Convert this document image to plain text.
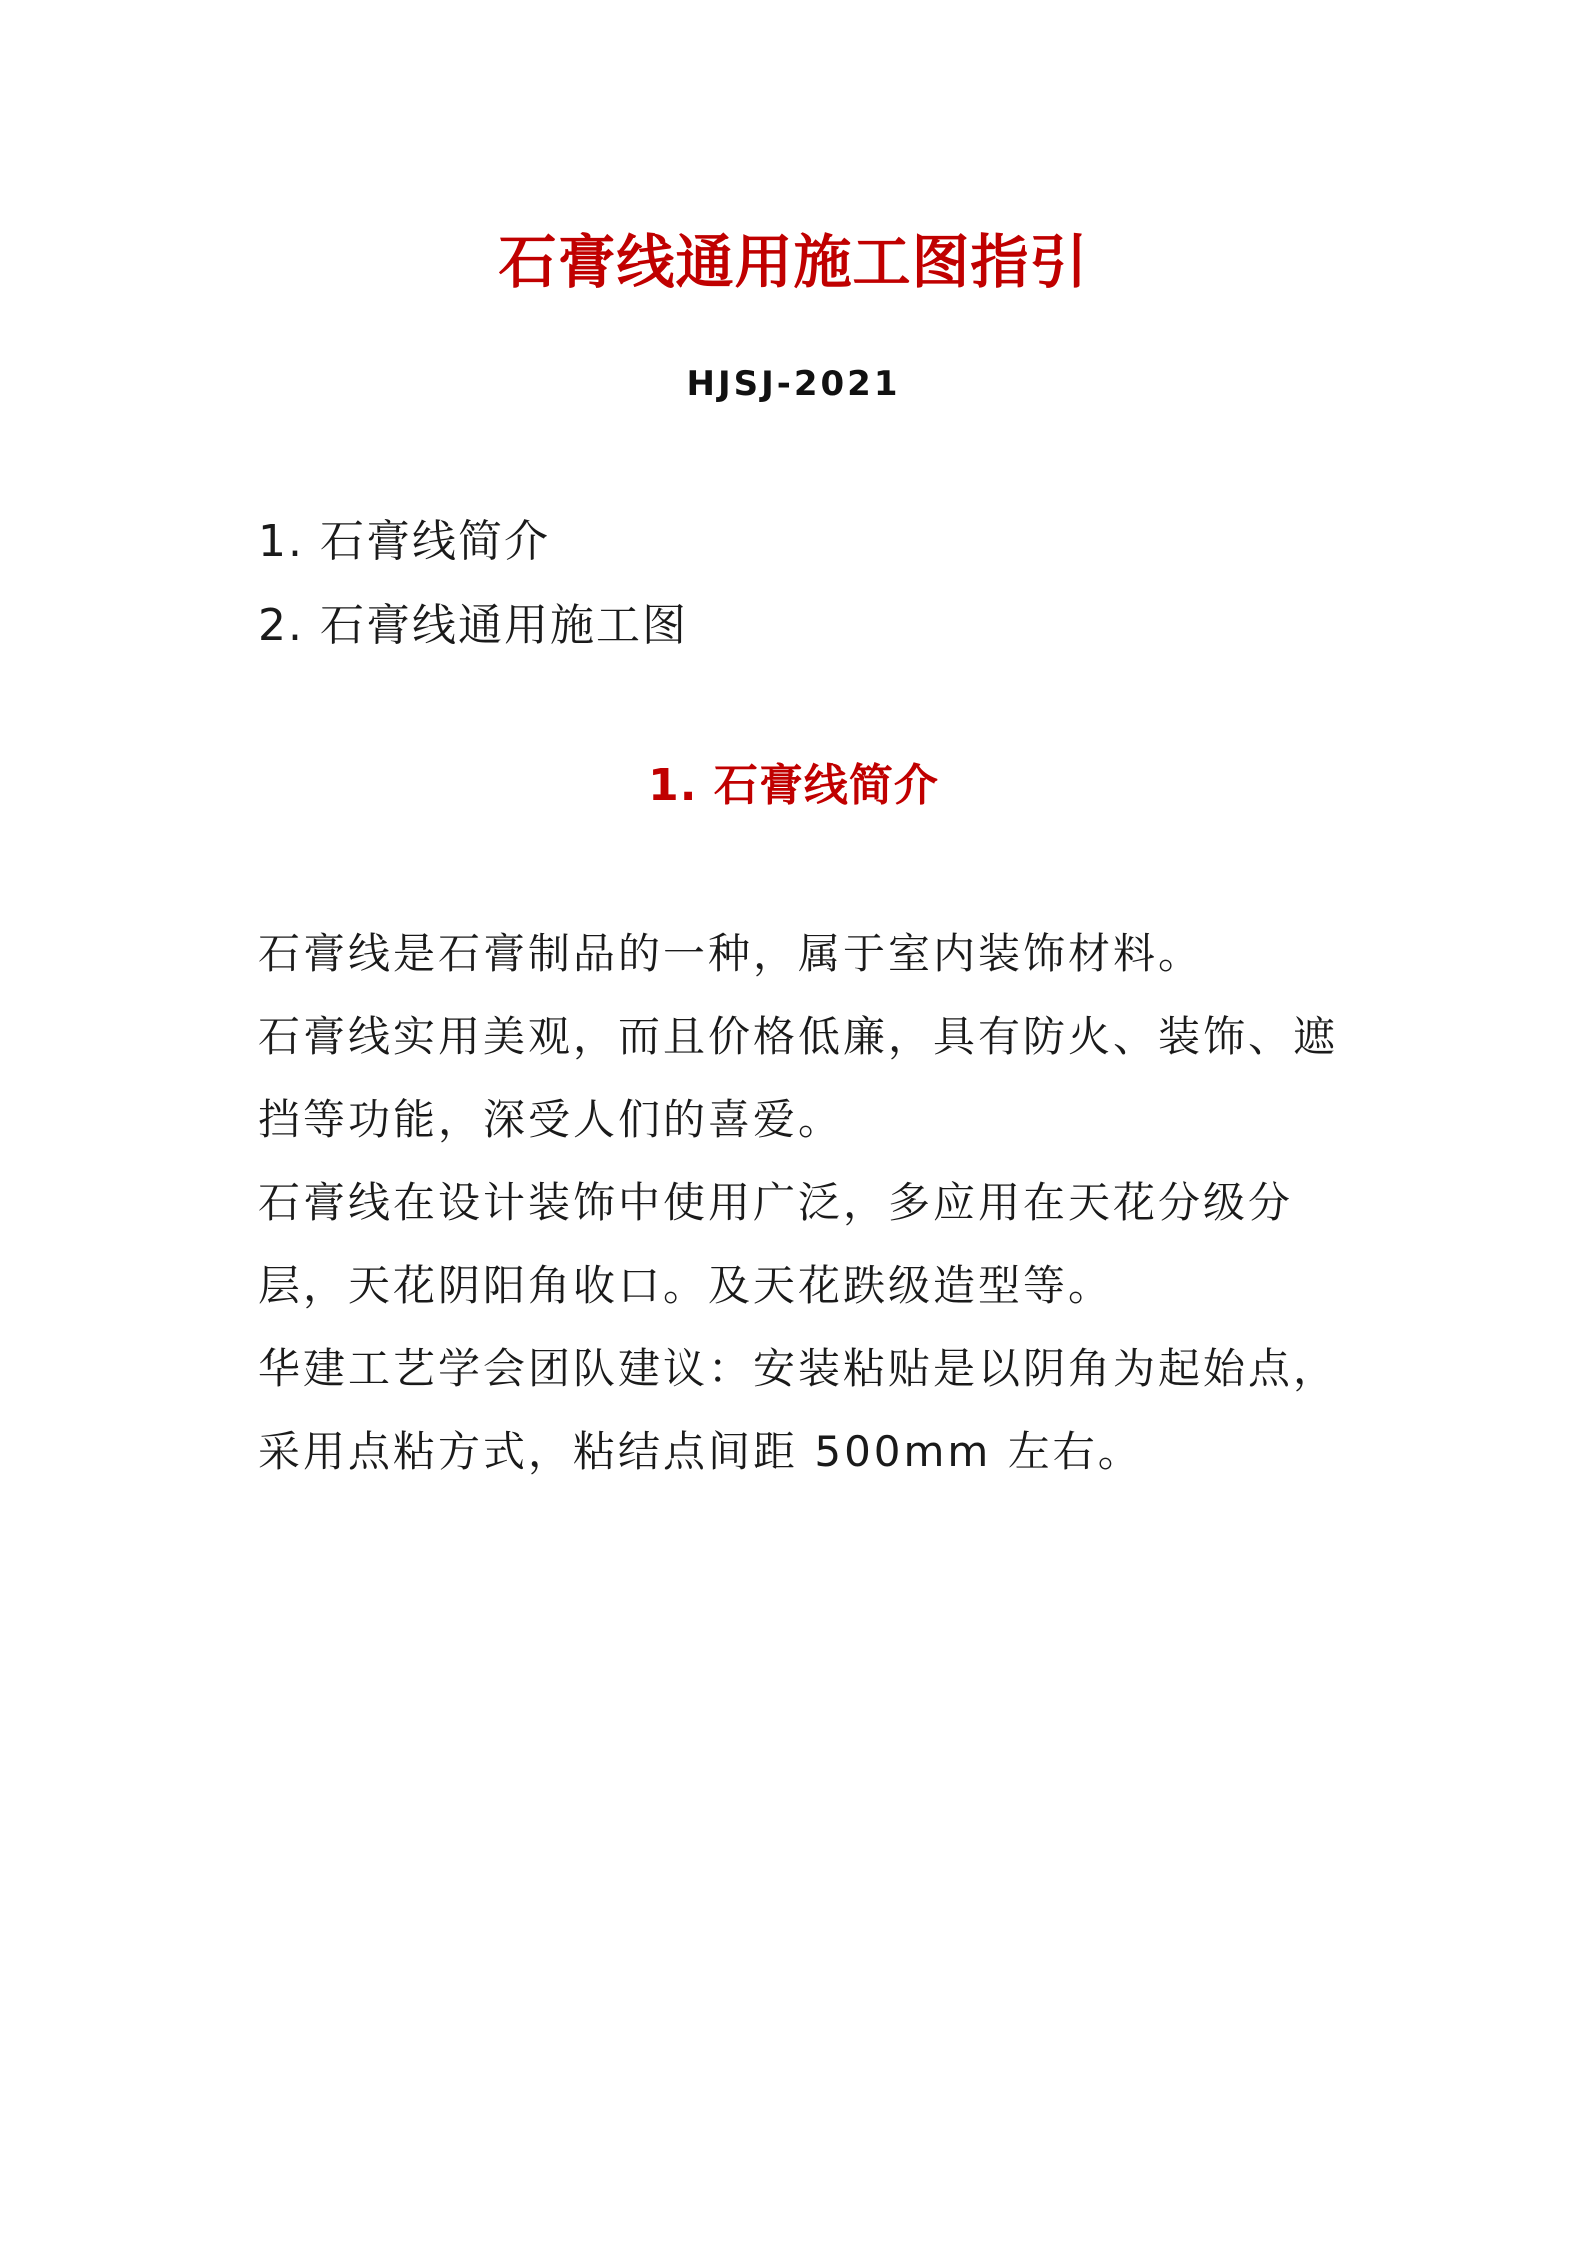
石膏线通用施工图指引
HJSJ-2021
1. 石膏线简介
2. 石膏线通用施工图
1. 石膏线简介

石膏线是石膏制品的一种，属于室内装饰材料。

石膏线实用美观，而且价格低廉，具有防火、装饰、遮挡等功能，深受人们的喜爱。

石膏线在设计装饰中使用广泛，多应用在天花分级分层，天花阴阳角收口。及天花跌级造型等。

华建工艺学会团队建议：安装粘贴是以阴角为起始点，采用点粘方式，粘结点间距 500mm 左右。
